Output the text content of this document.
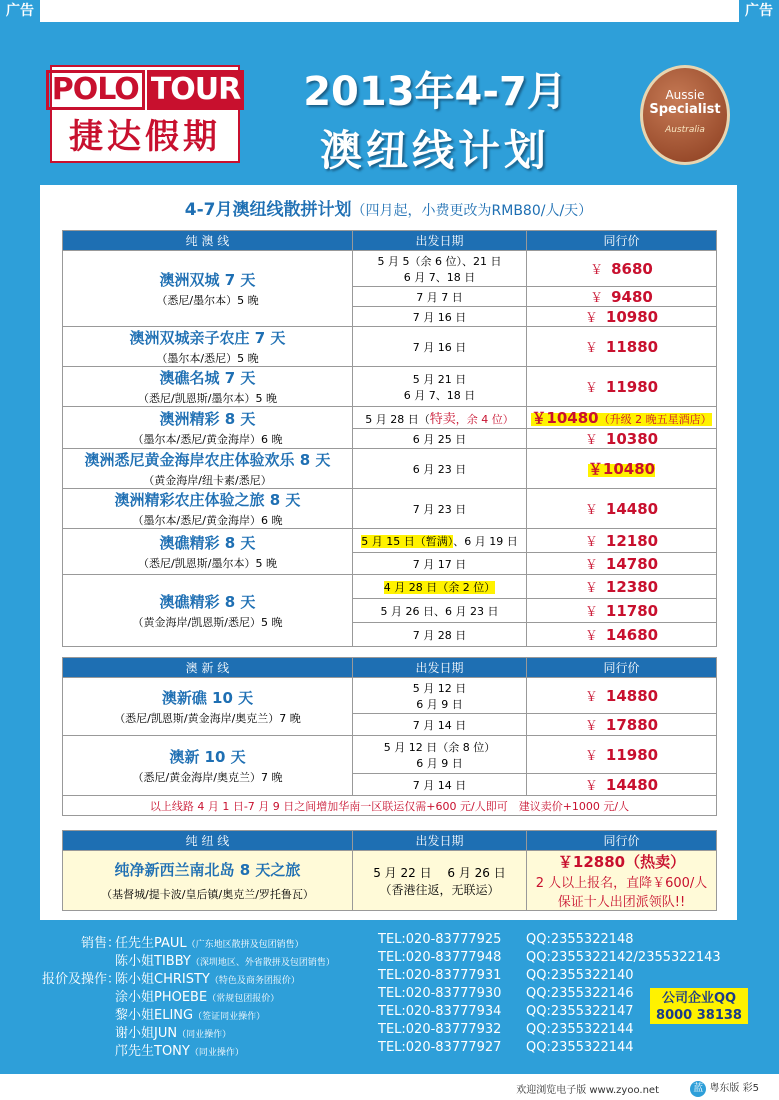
广告	广告
POLO TOUR
捷达假期
2013年4-7月
澳纽线计划
Aussie
Specialist
Australia
4-7月澳纽线散拼计划（四月起，小费更改为RMB80/人/天）
纯 澳 线	出发日期	同行价

澳洲双城 7 天
（悉尼/墨尔本）5 晚	5 月 5（余 6 位）、21 日
6 月 7、18 日	￥ 8680
	7 月 7 日	￥ 9480
	7 月 16 日	￥ 10980

澳洲双城亲子农庄 7 天
（墨尔本/悉尼）5 晚	7 月 16 日	￥ 11880

澳礁名城 7 天
（悉尼/凯恩斯/墨尔本）5 晚	5 月 21 日
6 月 7、18 日	￥ 11980

澳洲精彩 8 天
（墨尔本/悉尼/黄金海岸）6 晚	5 月 28 日（特卖，余 4 位）	￥10480（升级 2 晚五星酒店）
	6 月 25 日	￥ 10380

澳洲悉尼黄金海岸农庄体验欢乐 8 天
（黄金海岸/纽卡素/悉尼）	6 月 23 日	￥10480

澳洲精彩农庄体验之旅 8 天
（墨尔本/悉尼/黄金海岸）6 晚	7 月 23 日	￥ 14480

澳礁精彩 8 天
（悉尼/凯恩斯/墨尔本）5 晚	5 月 15 日（暂满）、6 月 19 日	￥ 12180
	7 月 17 日	￥ 14780

澳礁精彩 8 天
（黄金海岸/凯恩斯/悉尼）5 晚	4 月 28 日（余 2 位）	￥ 12380
	5 月 26 日、6 月 23 日	￥ 11780
	7 月 28 日	￥ 14680
澳 新 线	出发日期	同行价

澳新礁 10 天
（悉尼/凯恩斯/黄金海岸/奥克兰）7 晚	5 月 12 日
6 月 9 日	￥ 14880
	7 月 14 日	￥ 17880

澳新 10 天
（悉尼/黄金海岸/奥克兰）7 晚	5 月 12 日（余 8 位）
6 月 9 日	￥ 11980
	7 月 14 日	￥ 14480
以上线路 4 月 1 日-7 月 9 日之间增加华南一区联运仅需+600 元/人即可　建议卖价+1000 元/人		
纯 纽 线	出发日期	同行价

纯净新西兰南北岛 8 天之旅
（基督城/提卡波/皇后镇/奥克兰/罗托鲁瓦）	5 月 22 日　 6 月 26 日
（香港往返，无联运）	￥12880（热卖）
2 人以上报名，直降￥600/人
保证十人出团派领队!!
销售：
任先生PAUL（广东地区散拼及包团销售）	TEL:020-83777925 QQ:2355322148
陈小姐TIBBY（深圳地区、外省散拼及包团销售）	TEL:020-83777948 QQ:2355322142/2355322143
报价及操作：
陈小姐CHRISTY（特色及商务团报价）	TEL:020-83777931 QQ:2355322140
涂小姐PHOEBE（常规包团报价）	TEL:020-83777930 QQ:2355322146
黎小姐ELING（签证同业操作）	TEL:020-83777934 QQ:2355322147
谢小姐JUN（同业操作）	TEL:020-83777932 QQ:2355322144
邝先生TONY（同业操作）	TEL:020-83777927 QQ:2355322144
公司企业QQ
8000 38138
欢迎浏览电子版 www.zyoo.net	蓝 粤东版 彩5
